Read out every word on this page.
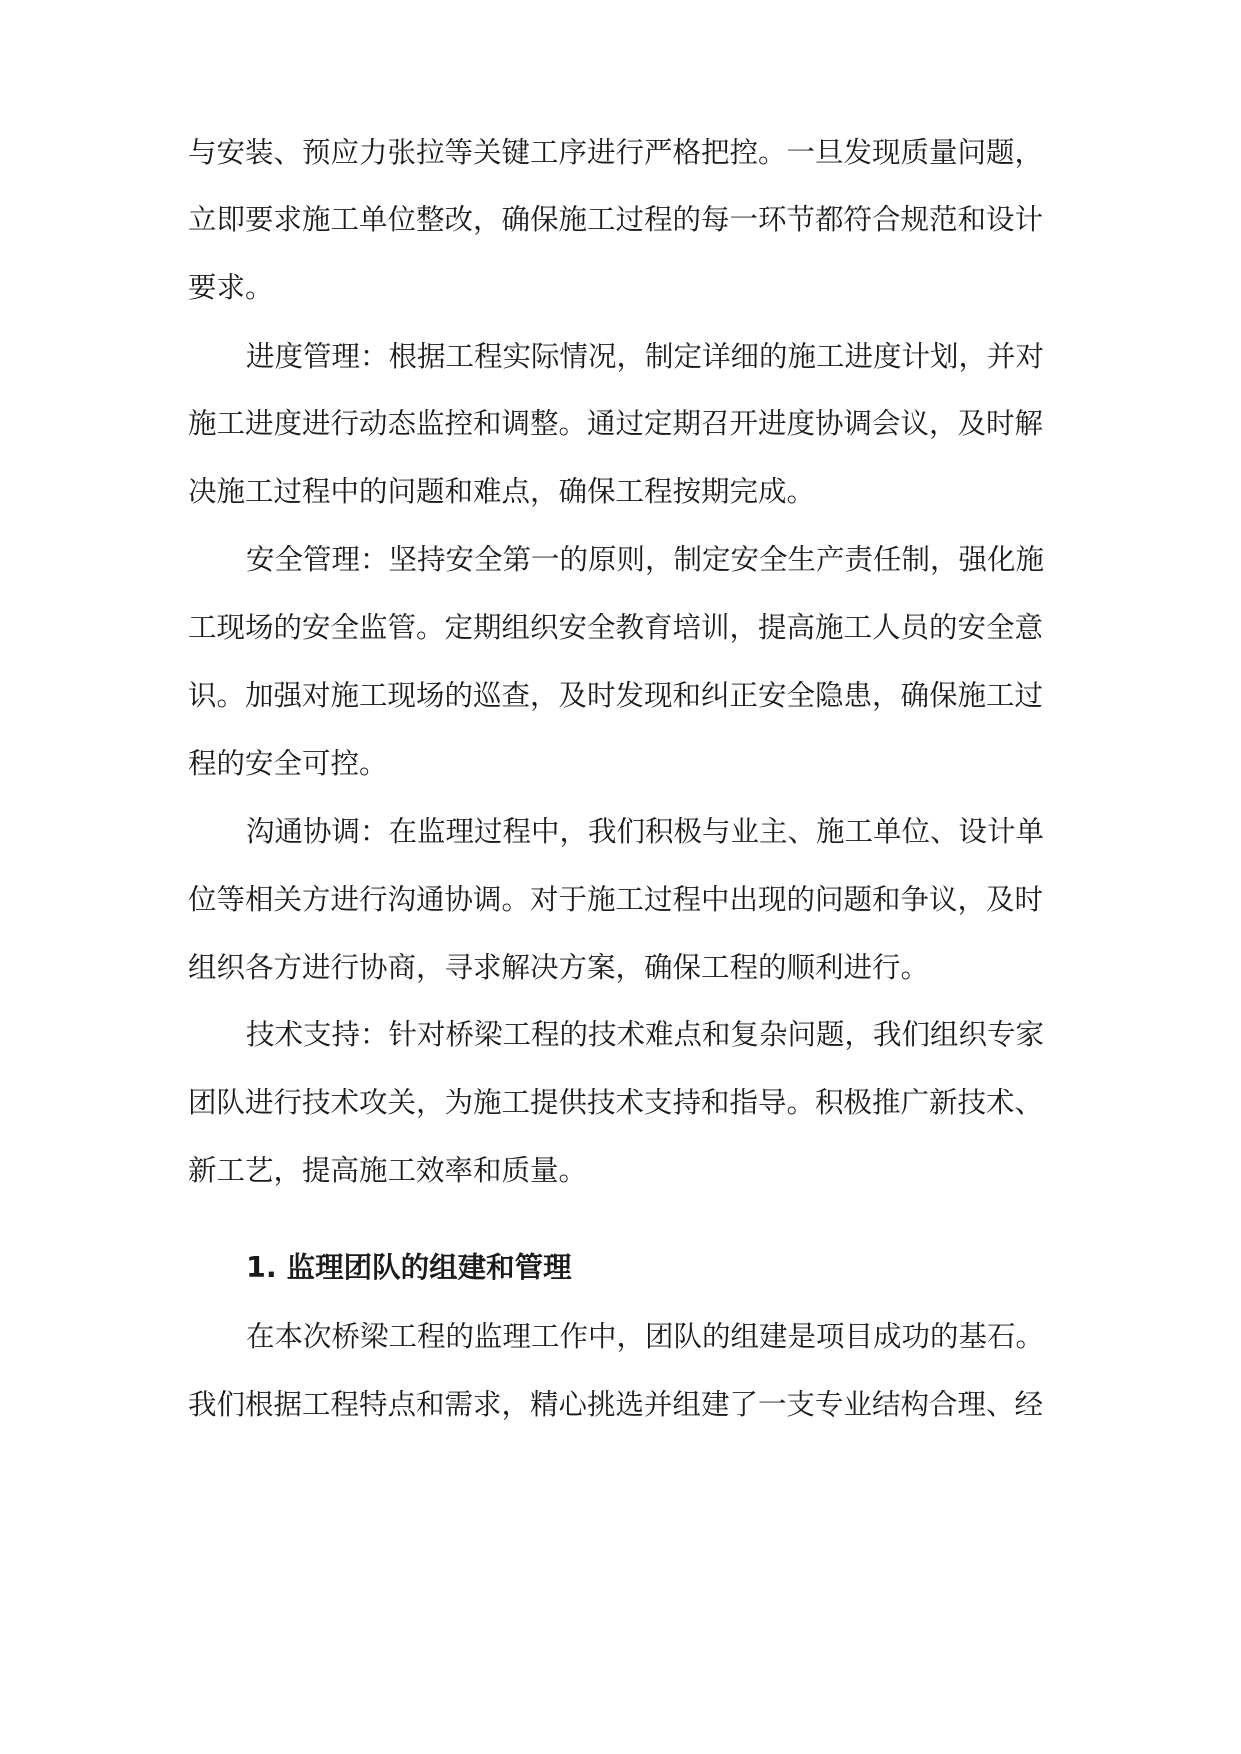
与安装、预应力张拉等关键工序进行严格把控。一旦发现质量问题，
立即要求施工单位整改，确保施工过程的每一环节都符合规范和设计
要求。
进度管理：根据工程实际情况，制定详细的施工进度计划，并对
施工进度进行动态监控和调整。通过定期召开进度协调会议，及时解
决施工过程中的问题和难点，确保工程按期完成。
安全管理：坚持安全第一的原则，制定安全生产责任制，强化施
工现场的安全监管。定期组织安全教育培训，提高施工人员的安全意
识。加强对施工现场的巡查，及时发现和纠正安全隐患，确保施工过
程的安全可控。
沟通协调：在监理过程中，我们积极与业主、施工单位、设计单
位等相关方进行沟通协调。对于施工过程中出现的问题和争议，及时
组织各方进行协商，寻求解决方案，确保工程的顺利进行。
技术支持：针对桥梁工程的技术难点和复杂问题，我们组织专家
团队进行技术攻关，为施工提供技术支持和指导。积极推广新技术、
新工艺，提高施工效率和质量。
1. 监理团队的组建和管理
在本次桥梁工程的监理工作中，团队的组建是项目成功的基石。
我们根据工程特点和需求，精心挑选并组建了一支专业结构合理、经
